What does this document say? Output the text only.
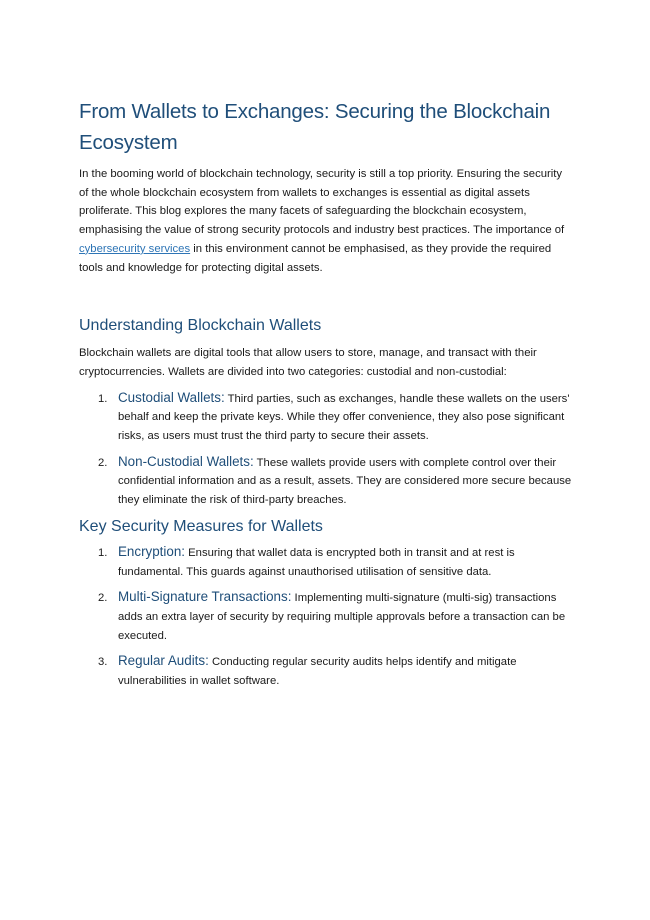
From Wallets to Exchanges: Securing the Blockchain Ecosystem

In the booming world of blockchain technology, security is still a top priority. Ensuring the security of the whole blockchain ecosystem from wallets to exchanges is essential as digital assets proliferate. This blog explores the many facets of safeguarding the blockchain ecosystem, emphasising the value of strong security protocols and industry best practices. The importance of cybersecurity services in this environment cannot be emphasised, as they provide the required tools and knowledge for protecting digital assets.

Understanding Blockchain Wallets

Blockchain wallets are digital tools that allow users to store, manage, and transact with their cryptocurrencies. Wallets are divided into two categories: custodial and non-custodial:

1. Custodial Wallets: Third parties, such as exchanges, handle these wallets on the users' behalf and keep the private keys. While they offer convenience, they also pose significant risks, as users must trust the third party to secure their assets.
2. Non-Custodial Wallets: These wallets provide users with complete control over their confidential information and as a result, assets. They are considered more secure because they eliminate the risk of third-party breaches.
Key Security Measures for Wallets
1. Encryption: Ensuring that wallet data is encrypted both in transit and at rest is fundamental. This guards against unauthorised utilisation of sensitive data.
2. Multi-Signature Transactions: Implementing multi-signature (multi-sig) transactions adds an extra layer of security by requiring multiple approvals before a transaction can be executed.
3. Regular Audits: Conducting regular security audits helps identify and mitigate vulnerabilities in wallet software.
